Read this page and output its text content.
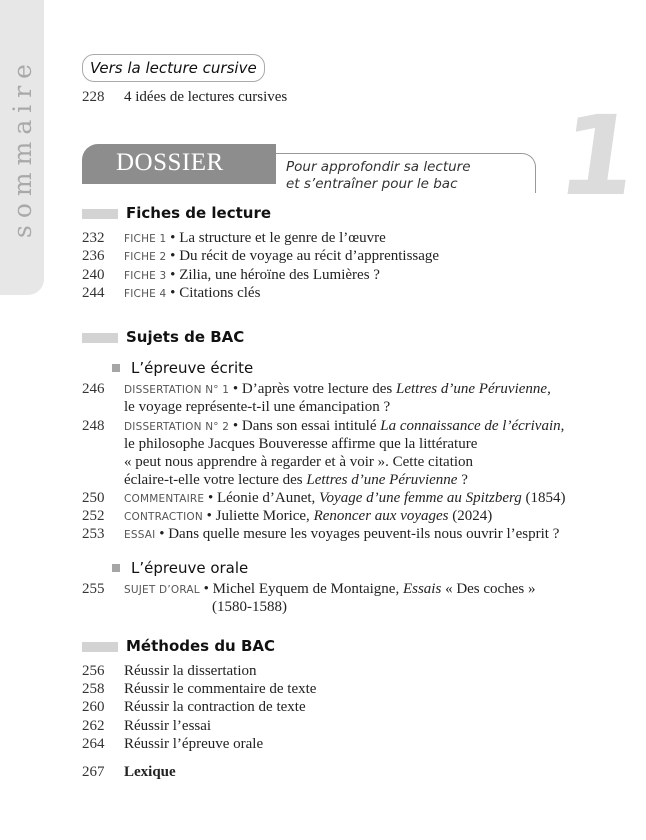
sommaire	Vers la lecture cursive
228	4 idées de lectures cursives 1
DOSSIER	Pour approfondir sa lecture
et s’entraîner pour le bac
Fiches de lecture
232	FICHE 1 • La structure et le genre de l’œuvre
236	FICHE 2 • Du récit de voyage au récit d’apprentissage
240	FICHE 3 • Zilia, une héroïne des Lumières ?
244	FICHE 4 • Citations clés
Sujets de BAC
L’épreuve écrite
246	DISSERTATION N° 1 • D’après votre lecture des Lettres d’une Péruvienne,
le voyage représente-t-il une émancipation ?
248	DISSERTATION N° 2 • Dans son essai intitulé La connaissance de l’écrivain,
le philosophe Jacques Bouveresse affirme que la littérature
« peut nous apprendre à regarder et à voir ». Cette citation
éclaire-t-elle votre lecture des Lettres d’une Péruvienne ?
250	COMMENTAIRE • Léonie d’Aunet, Voyage d’une femme au Spitzberg (1854)
252	CONTRACTION • Juliette Morice, Renoncer aux voyages (2024)
253	ESSAI • Dans quelle mesure les voyages peuvent-ils nous ouvrir l’esprit ?
L’épreuve orale
255	SUJET D’ORAL • Michel Eyquem de Montaigne, Essais « Des coches »
(1580-1588)
Méthodes du BAC
256	Réussir la dissertation
258	Réussir le commentaire de texte
260	Réussir la contraction de texte
262	Réussir l’essai
264	Réussir l’épreuve orale
267	Lexique
